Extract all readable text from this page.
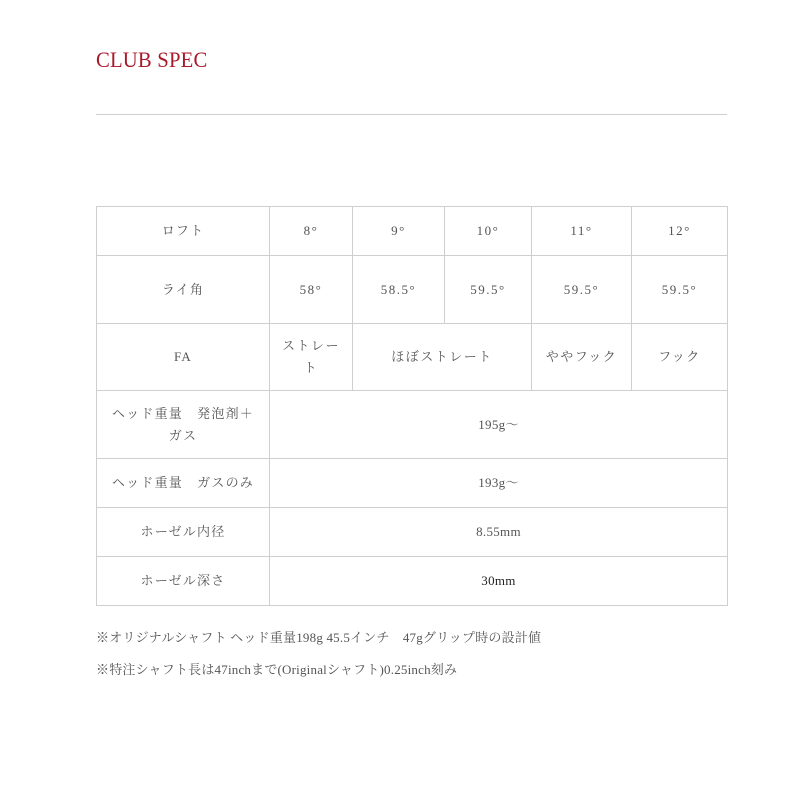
CLUB SPEC
ロフト	8°	9°	10°	11°	12°
ライ角	58°	58.5°	59.5°	59.5°	59.5°
FA	ストレート	ほぼストレート		ややフック	フック
ヘッド重量　発泡剤＋ガス	195g～				
ヘッド重量　ガスのみ	193g～				
ホーゼル内径	8.55mm				
ホーゼル深さ	30mm				
※オリジナルシャフト ヘッド重量198g 45.5インチ　47gグリップ時の設計値
※特注シャフト長は47inchまで(Originalシャフト)0.25inch刻み
